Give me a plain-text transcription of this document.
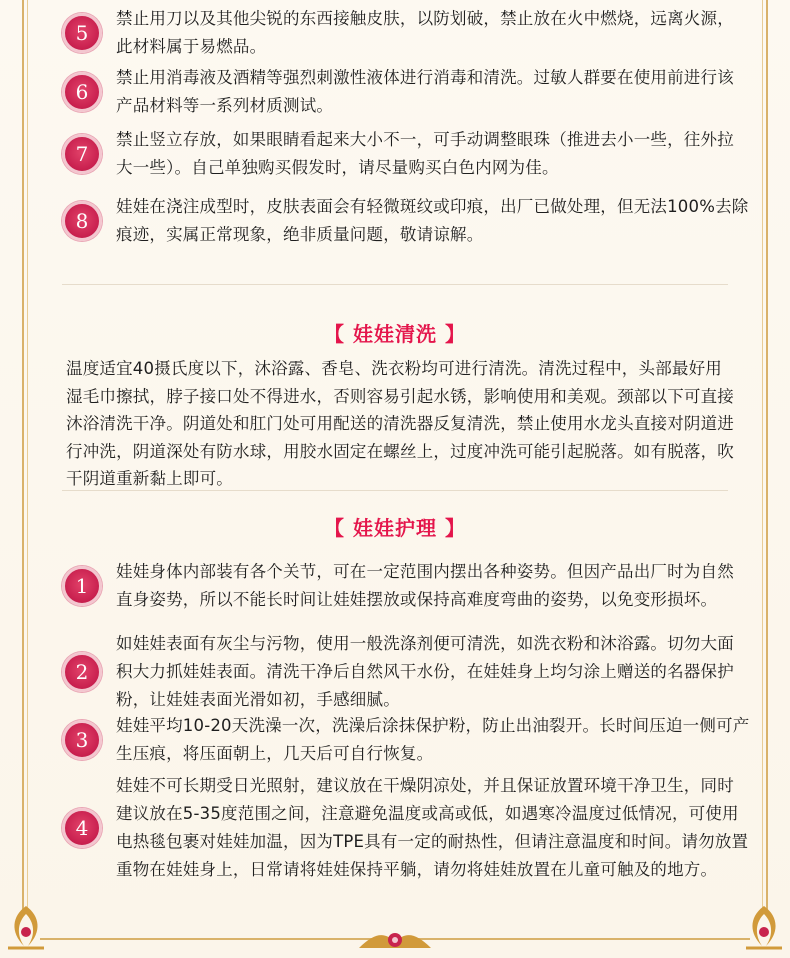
5
禁止用刀以及其他尖锐的东西接触皮肤，以防划破，禁止放在火中燃烧，远离火源，此材料属于易燃品。
6
禁止用消毒液及酒精等强烈刺激性液体进行消毒和清洗。过敏人群要在使用前进行该产品材料等一系列材质测试。
7
禁止竖立存放，如果眼睛看起来大小不一，可手动调整眼珠（推进去小一些，往外拉大一些）。自己单独购买假发时，请尽量购买白色内网为佳。
8
娃娃在浇注成型时，皮肤表面会有轻微斑纹或印痕，出厂已做处理，但无法100%去除痕迹，实属正常现象，绝非质量问题，敬请谅解。
【 娃娃清洗 】
温度适宜40摄氏度以下，沐浴露、香皂、洗衣粉均可进行清洗。清洗过程中，头部最好用湿毛巾擦拭，脖子接口处不得进水，否则容易引起水锈，影响使用和美观。颈部以下可直接沐浴清洗干净。阴道处和肛门处可用配送的清洗器反复清洗，禁止使用水龙头直接对阴道进行冲洗，阴道深处有防水球，用胶水固定在螺丝上，过度冲洗可能引起脱落。如有脱落，吹干阴道重新黏上即可。
【 娃娃护理 】
1
娃娃身体内部装有各个关节，可在一定范围内摆出各种姿势。但因产品出厂时为自然直身姿势，所以不能长时间让娃娃摆放或保持高难度弯曲的姿势，以免变形损坏。
2
如娃娃表面有灰尘与污物，使用一般洗涤剂便可清洗，如洗衣粉和沐浴露。切勿大面积大力抓娃娃表面。清洗干净后自然风干水份，在娃娃身上均匀涂上赠送的名器保护粉，让娃娃表面光滑如初，手感细腻。
3
娃娃平均10-20天洗澡一次，洗澡后涂抹保护粉，防止出油裂开。长时间压迫一侧可产生压痕，将压面朝上，几天后可自行恢复。
4
娃娃不可长期受日光照射，建议放在干燥阴凉处，并且保证放置环境干净卫生，同时建议放在5-35度范围之间，注意避免温度或高或低，如遇寒冷温度过低情况，可使用电热毯包裹对娃娃加温，因为TPE具有一定的耐热性，但请注意温度和时间。请勿放置重物在娃娃身上，日常请将娃娃保持平躺，请勿将娃娃放置在儿童可触及的地方。
